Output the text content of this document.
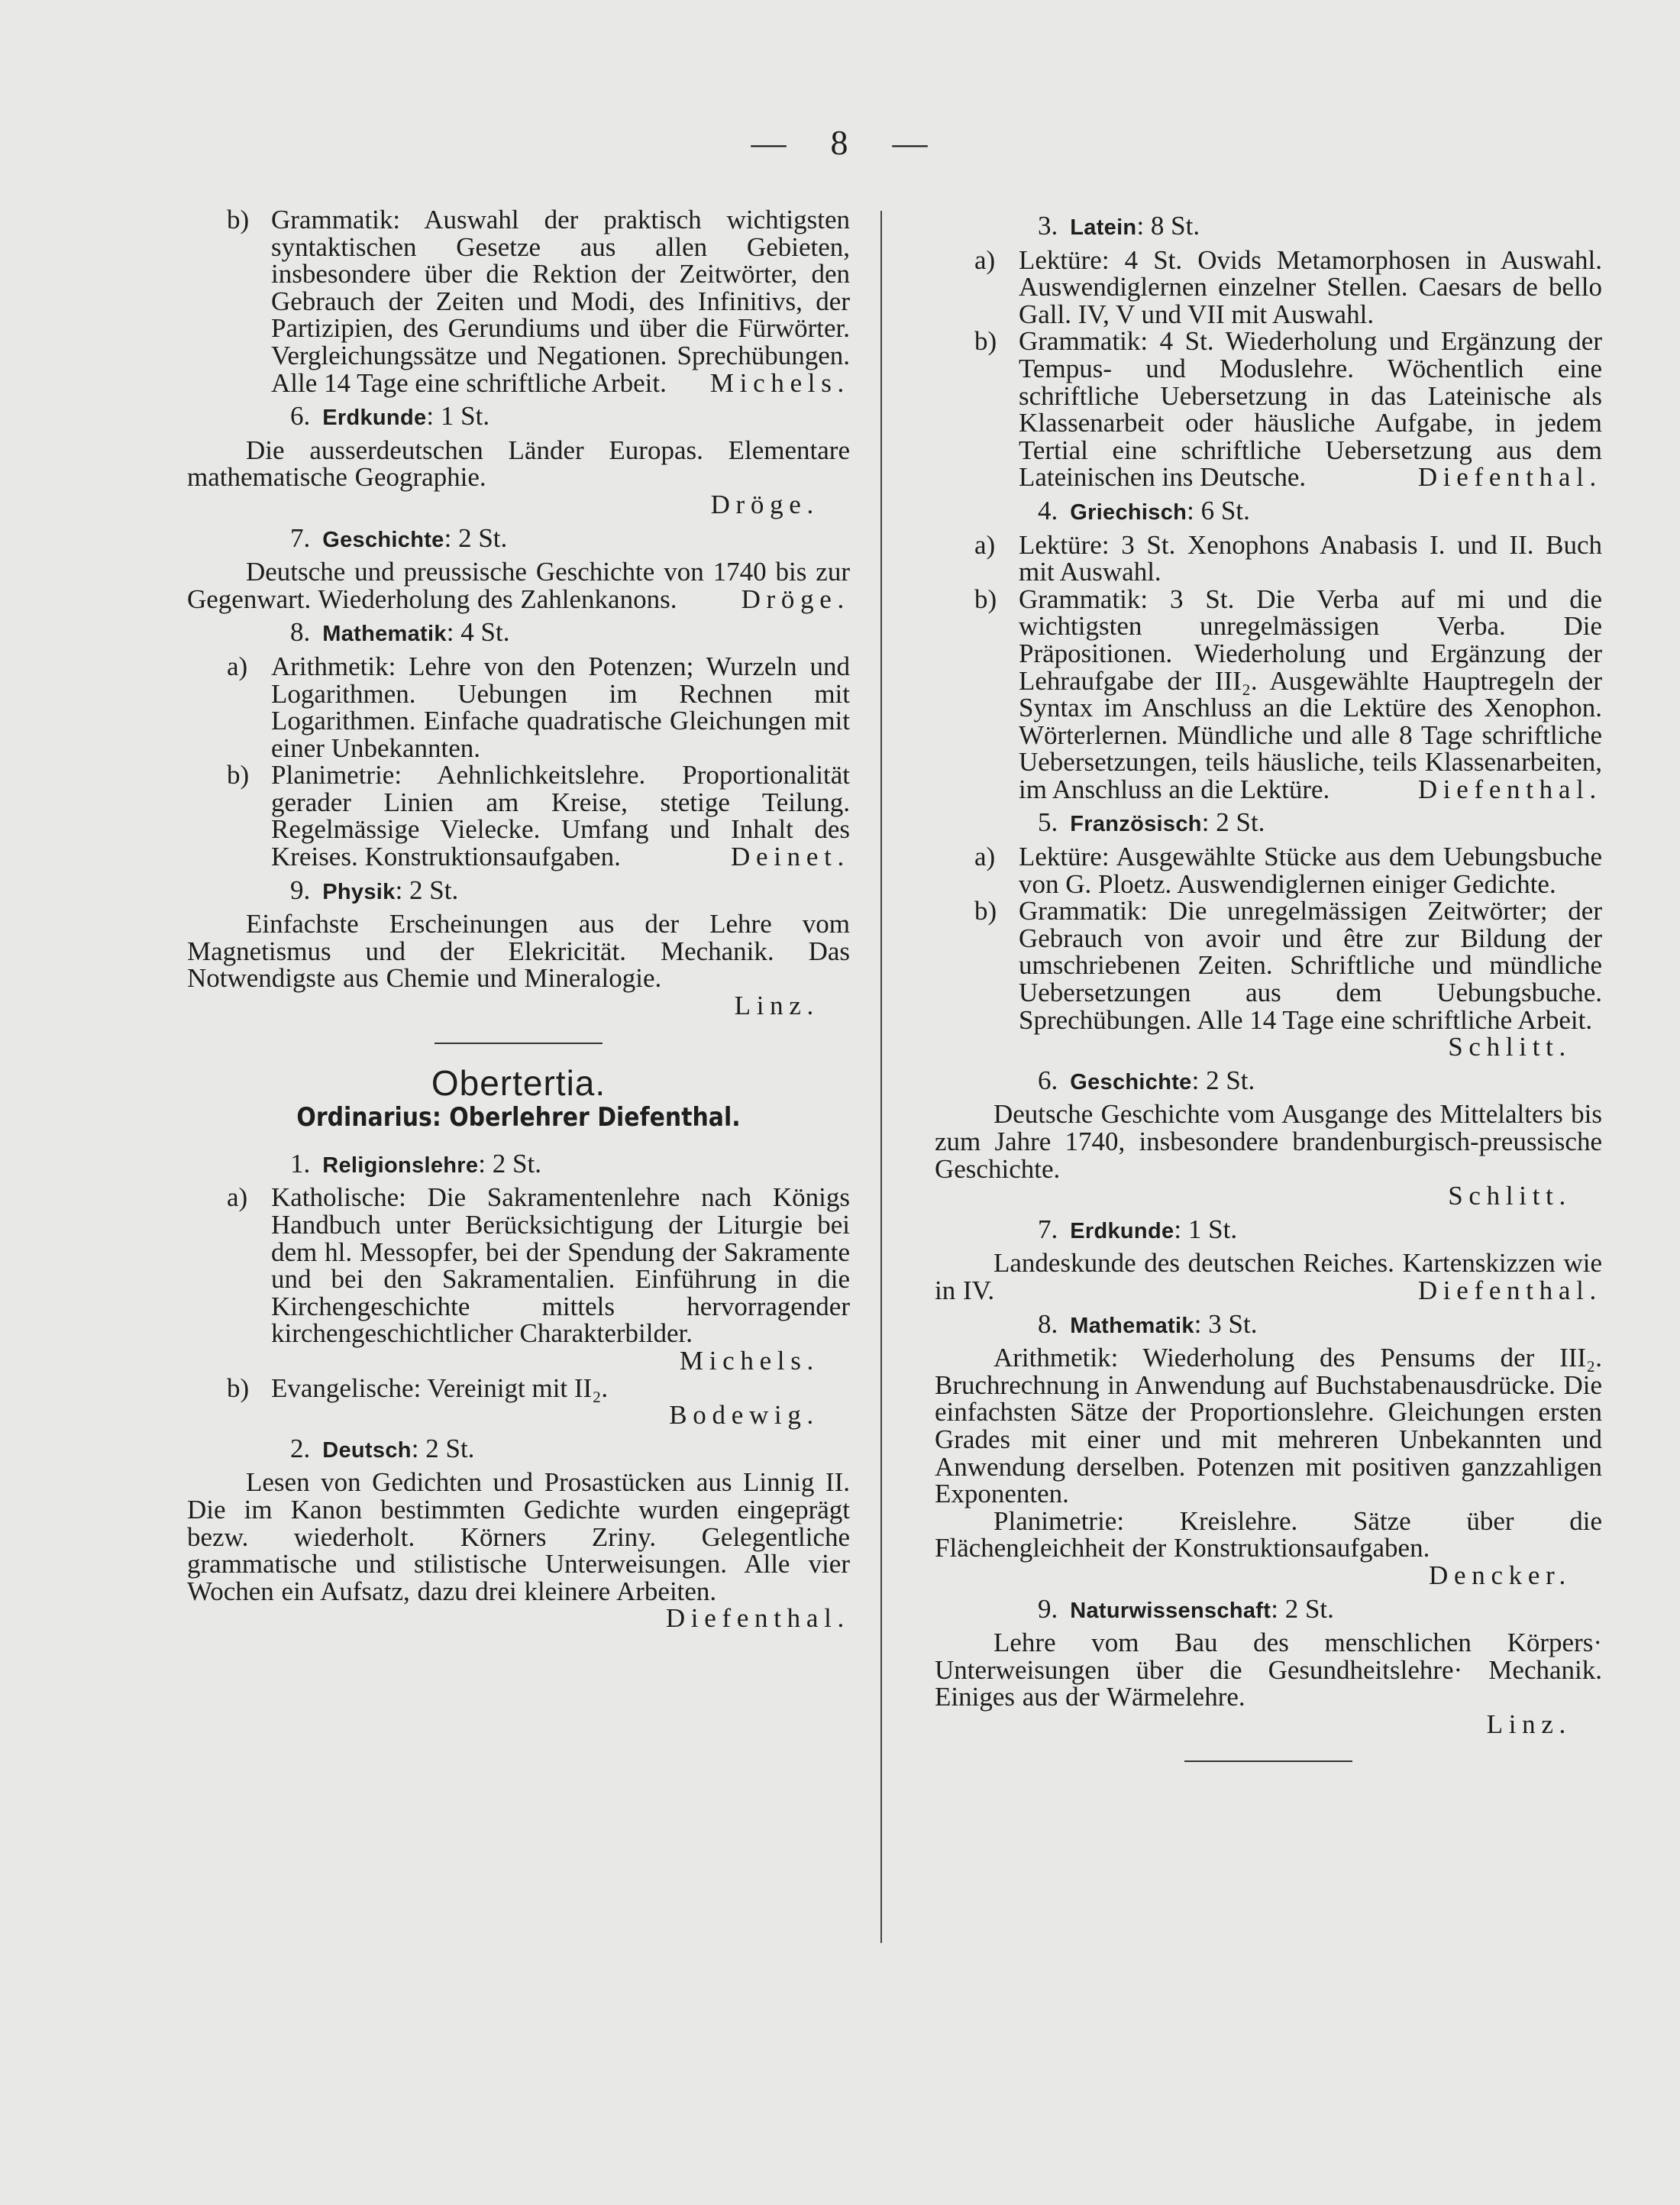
— 8 —
b) Grammatik: Auswahl der praktisch wichtigsten syntaktischen Gesetze aus allen Gebieten, insbesondere über die Rektion der Zeitwörter, den Gebrauch der Zeiten und Modi, des Infinitivs, der Partizipien, des Gerundiums und über die Fürwörter. Vergleichungssätze und Negationen. Sprechübungen. Alle 14 Tage eine schriftliche Arbeit. Michels.
6. Erdkunde: 1 St.
Die ausserdeutschen Länder Europas. Elementare mathematische Geographie.
Dröge.
7. Geschichte: 2 St.
Deutsche und preussische Geschichte von 1740 bis zur Gegenwart. Wiederholung des Zahlenkanons.	Dröge.
8. Mathematik: 4 St.
a) Arithmetik: Lehre von den Potenzen; Wurzeln und Logarithmen. Uebungen im Rechnen mit Logarithmen. Einfache quadratische Gleichungen mit einer Unbekannten.
b) Planimetrie: Aehnlichkeitslehre. Proportionalität gerader Linien am Kreise, stetige Teilung. Regelmässige Vielecke. Umfang und Inhalt des Kreises. Konstruktionsaufgaben.	Deinet.
9. Physik: 2 St.
Einfachste Erscheinungen aus der Lehre vom Magnetismus und der Elekricität. Mechanik. Das Notwendigste aus Chemie und Mineralogie.
Linz.
Obertertia.
Ordinarius: Oberlehrer Diefenthal.
1. Religionslehre: 2 St.
a) Katholische: Die Sakramentenlehre nach Königs Handbuch unter Berücksichtigung der Liturgie bei dem hl. Messopfer, bei der Spendung der Sakramente und bei den Sakramentalien. Einführung in die Kirchengeschichte mittels hervorragender kirchengeschichtlicher Charakterbilder.
Michels.
b) Evangelische: Vereinigt mit II₂.
Bodewig.
2. Deutsch: 2 St.
Lesen von Gedichten und Prosastücken aus Linnig II. Die im Kanon bestimmten Gedichte wurden eingeprägt bezw. wiederholt. Körners Zriny. Gelegentliche grammatische und stilistische Unterweisungen. Alle vier Wochen ein Aufsatz, dazu drei kleinere Arbeiten.
Diefenthal.
3. Latein: 8 St.
a) Lektüre: 4 St. Ovids Metamorphosen in Auswahl. Auswendiglernen einzelner Stellen. Caesars de bello Gall. IV, V und VII mit Auswahl.
b) Grammatik: 4 St. Wiederholung und Ergänzung der Tempus- und Moduslehre. Wöchentlich eine schriftliche Uebersetzung in das Lateinische als Klassenarbeit oder häusliche Aufgabe, in jedem Tertial eine schriftliche Uebersetzung aus dem Lateinischen ins Deutsche.	Diefenthal.
4. Griechisch: 6 St.
a) Lektüre: 3 St. Xenophons Anabasis I. und II. Buch mit Auswahl.
b) Grammatik: 3 St. Die Verba auf mi und die wichtigsten unregelmässigen Verba. Die Präpositionen. Wiederholung und Ergänzung der Lehraufgabe der III₂. Ausgewählte Hauptregeln der Syntax im Anschluss an die Lektüre des Xenophon. Wörterlernen. Mündliche und alle 8 Tage schriftliche Uebersetzungen, teils häusliche, teils Klassenarbeiten, im Anschluss an die Lektüre.	Diefenthal.
5. Französisch: 2 St.
a) Lektüre: Ausgewählte Stücke aus dem Uebungsbuche von G. Ploetz. Auswendiglernen einiger Gedichte.
b) Grammatik: Die unregelmässigen Zeitwörter; der Gebrauch von avoir und être zur Bildung der umschriebenen Zeiten. Schriftliche und mündliche Uebersetzungen aus dem Uebungsbuche. Sprechübungen. Alle 14 Tage eine schriftliche Arbeit.
Schlitt.
6. Geschichte: 2 St.
Deutsche Geschichte vom Ausgange des Mittelalters bis zum Jahre 1740, insbesondere brandenburgisch-preussische Geschichte.
Schlitt.
7. Erdkunde: 1 St.
Landeskunde des deutschen Reiches. Kartenskizzen wie in IV.	Diefenthal.
8. Mathematik: 3 St.
Arithmetik: Wiederholung des Pensums der III₂. Bruchrechnung in Anwendung auf Buchstabenausdrücke. Die einfachsten Sätze der Proportionslehre. Gleichungen ersten Grades mit einer und mit mehreren Unbekannten und Anwendung derselben. Potenzen mit positiven ganzzahligen Exponenten.
Planimetrie: Kreislehre. Sätze über die Flächengleichheit der Konstruktionsaufgaben.
Dencker.
9. Naturwissenschaft: 2 St.
Lehre vom Bau des menschlichen Körpers· Unterweisungen über die Gesundheitslehre· Mechanik. Einiges aus der Wärmelehre.
Linz.
